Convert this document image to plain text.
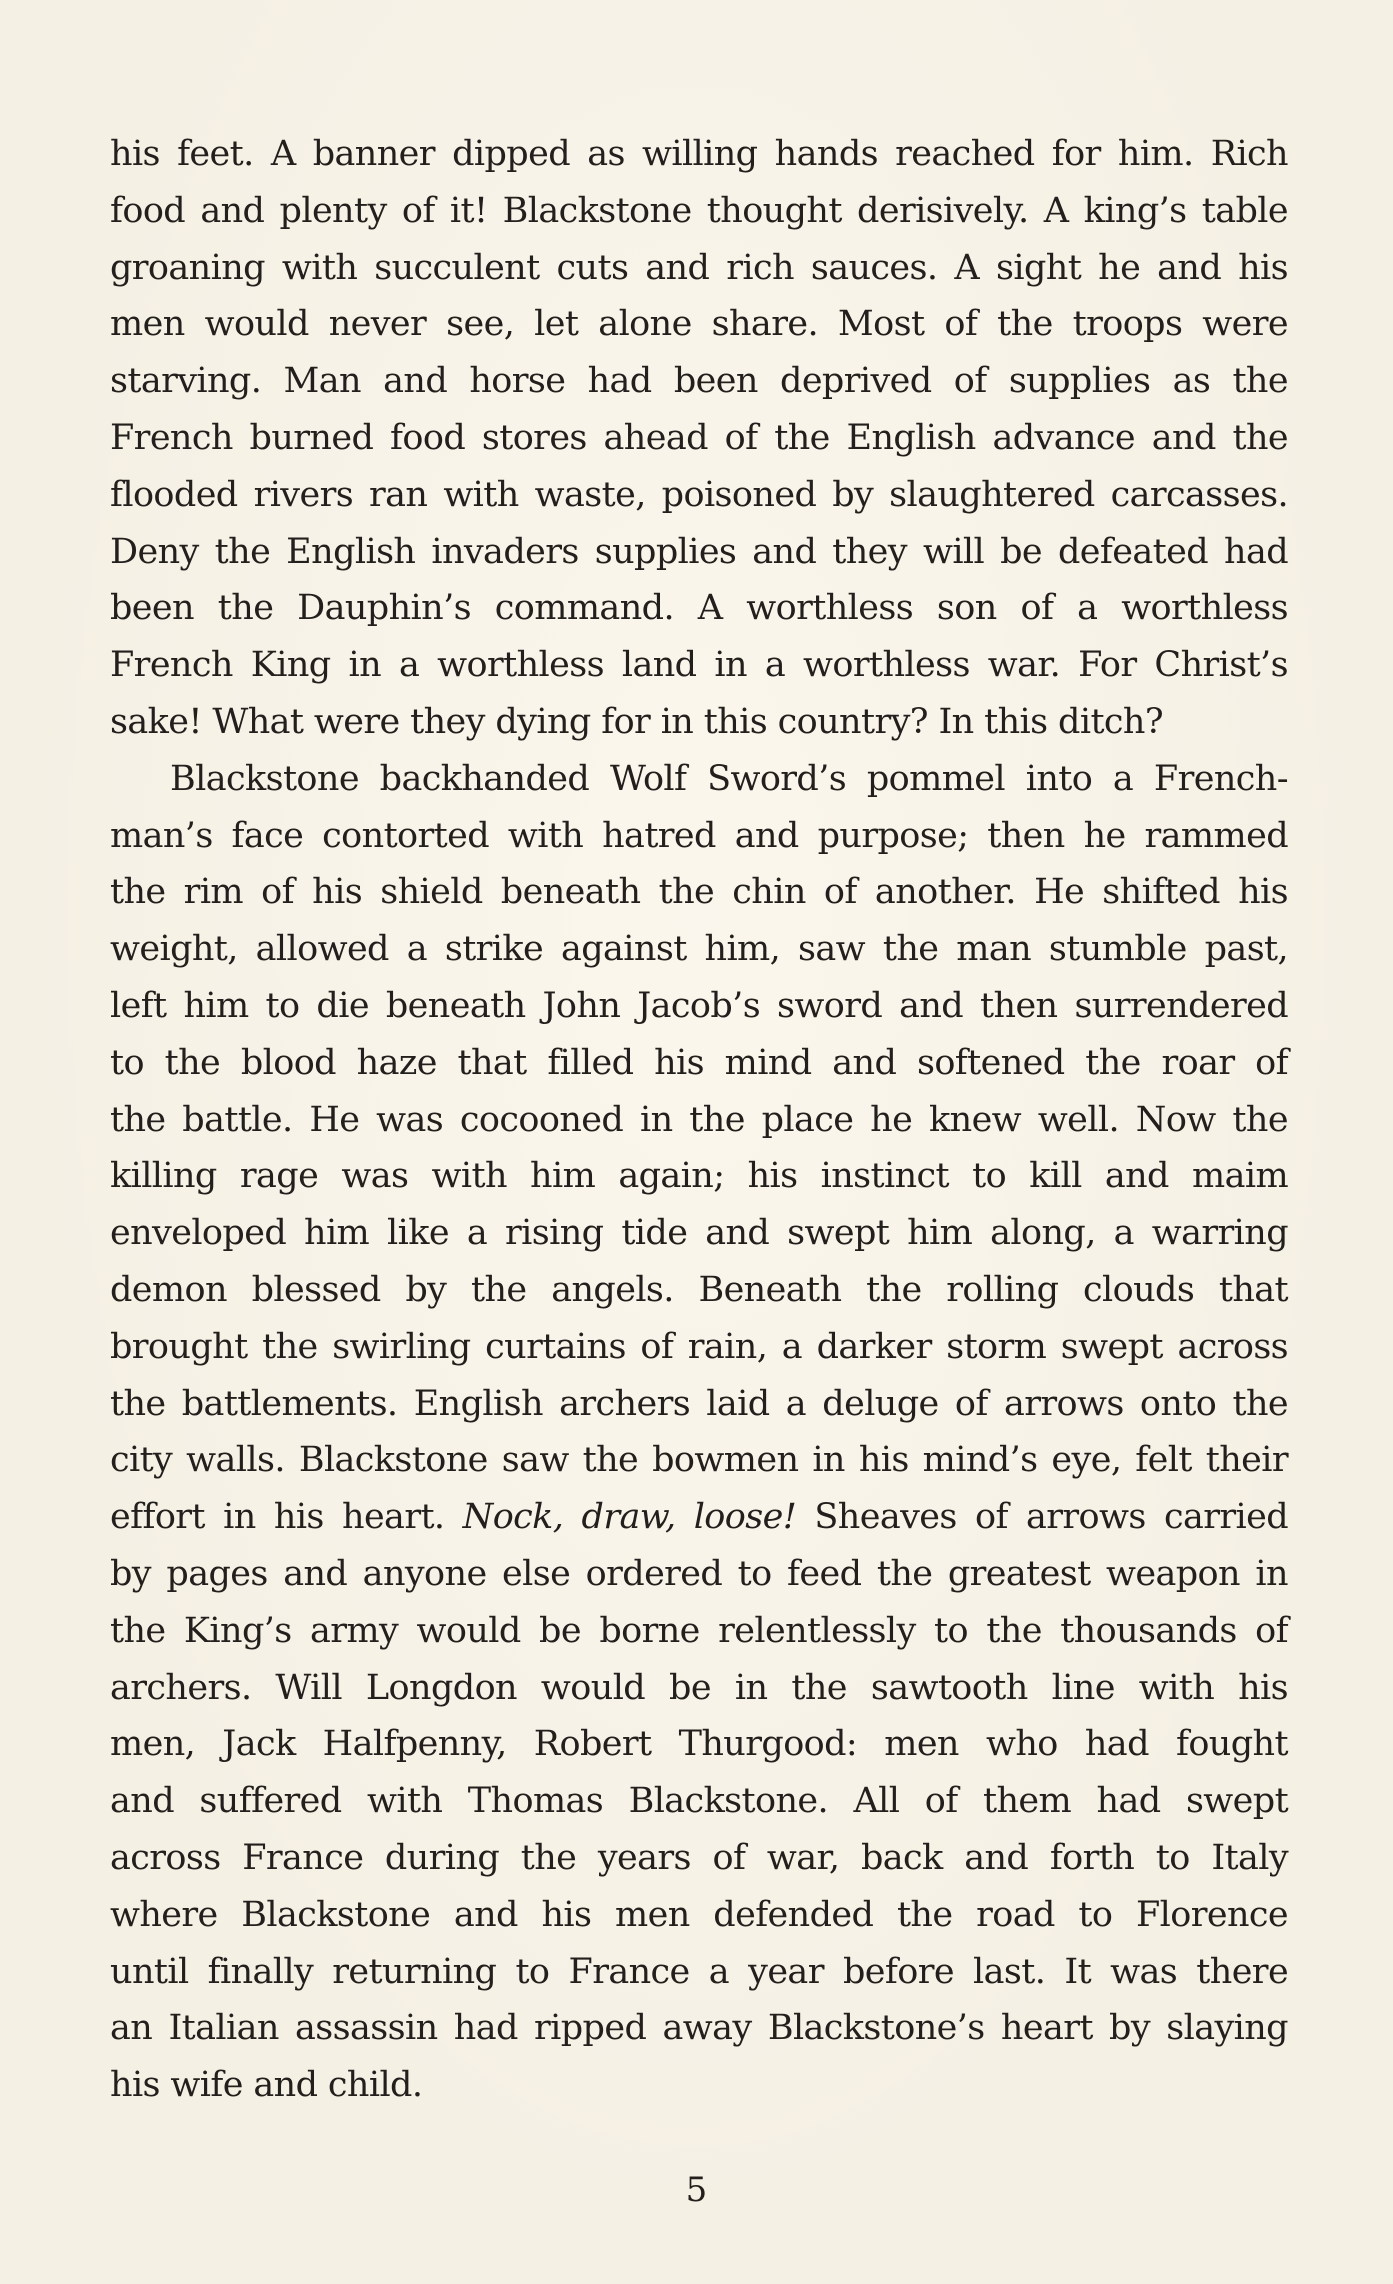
his feet. A banner dipped as willing hands reached for him. Rich
food and plenty of it! Blackstone thought derisively. A king’s table
groaning with succulent cuts and rich sauces. A sight he and his
men would never see, let alone share. Most of the troops were
starving. Man and horse had been deprived of supplies as the
French burned food stores ahead of the English advance and the
flooded rivers ran with waste, poisoned by slaughtered carcasses.
Deny the English invaders supplies and they will be defeated had
been the Dauphin’s command. A worthless son of a worthless
French King in a worthless land in a worthless war. For Christ’s
sake! What were they dying for in this country? In this ditch?
Blackstone backhanded Wolf Sword’s pommel into a French-
man’s face contorted with hatred and purpose; then he rammed
the rim of his shield beneath the chin of another. He shifted his
weight, allowed a strike against him, saw the man stumble past,
left him to die beneath John Jacob’s sword and then surrendered
to the blood haze that filled his mind and softened the roar of
the battle. He was cocooned in the place he knew well. Now the
killing rage was with him again; his instinct to kill and maim
enveloped him like a rising tide and swept him along, a warring
demon blessed by the angels. Beneath the rolling clouds that
brought the swirling curtains of rain, a darker storm swept across
the battlements. English archers laid a deluge of arrows onto the
city walls. Blackstone saw the bowmen in his mind’s eye, felt their
effort in his heart. Nock, draw, loose! Sheaves of arrows carried
by pages and anyone else ordered to feed the greatest weapon in
the King’s army would be borne relentlessly to the thousands of
archers. Will Longdon would be in the sawtooth line with his
men, Jack Halfpenny, Robert Thurgood: men who had fought
and suffered with Thomas Blackstone. All of them had swept
across France during the years of war, back and forth to Italy
where Blackstone and his men defended the road to Florence
until finally returning to France a year before last. It was there
an Italian assassin had ripped away Blackstone’s heart by slaying
his wife and child.
5
